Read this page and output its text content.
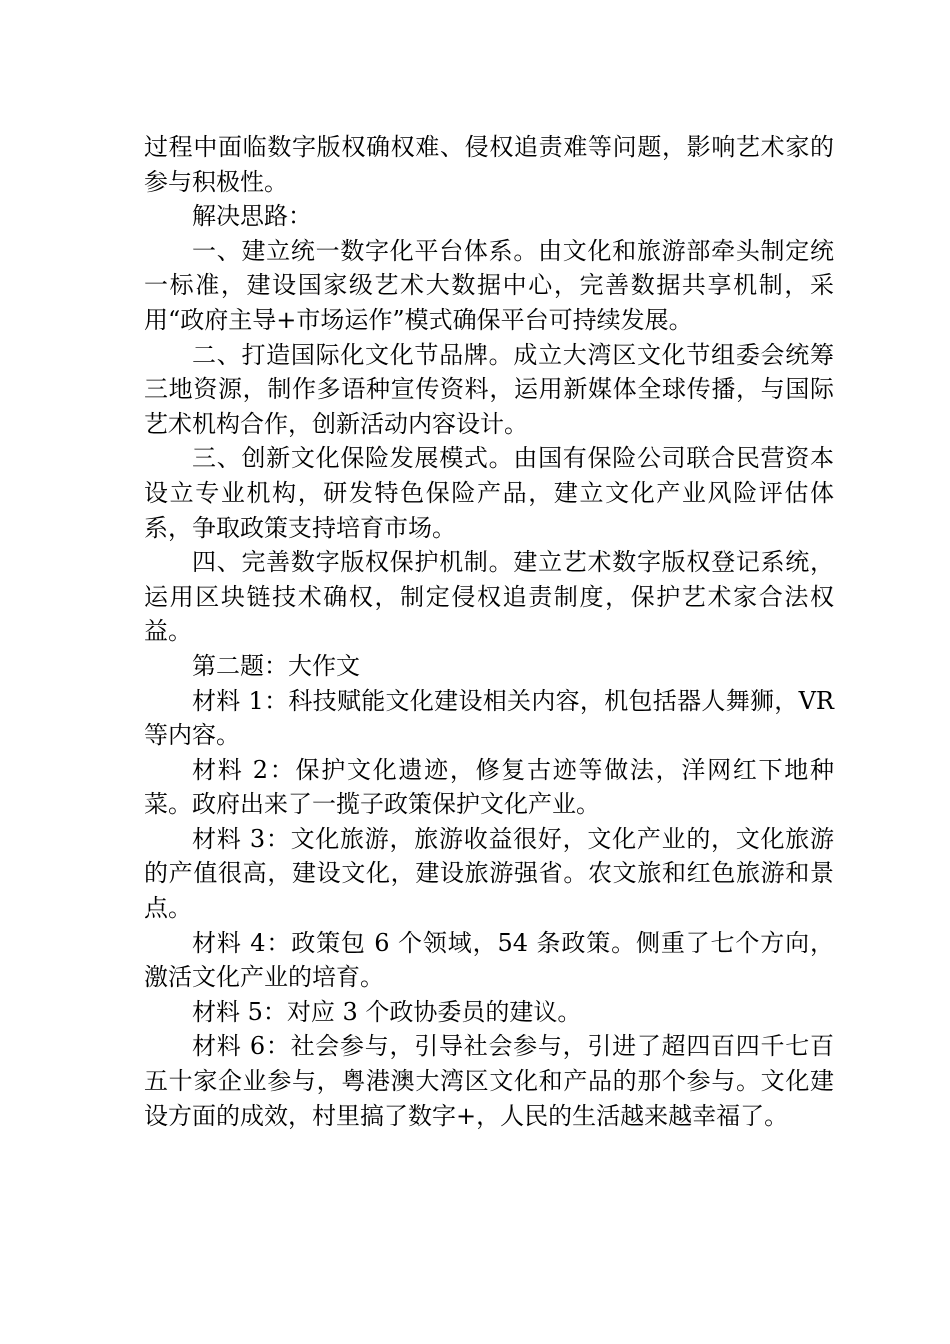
过程中面临数字版权确权难、侵权追责难等问题，影响艺术家的参与积极性。

解决思路：

一、建立统一数字化平台体系。由文化和旅游部牵头制定统一标准，建设国家级艺术大数据中心，完善数据共享机制，采用“政府主导+市场运作”模式确保平台可持续发展。

二、打造国际化文化节品牌。成立大湾区文化节组委会统筹三地资源，制作多语种宣传资料，运用新媒体全球传播，与国际艺术机构合作，创新活动内容设计。

三、创新文化保险发展模式。由国有保险公司联合民营资本设立专业机构，研发特色保险产品，建立文化产业风险评估体系，争取政策支持培育市场。

四、完善数字版权保护机制。建立艺术数字版权登记系统，运用区块链技术确权，制定侵权追责制度，保护艺术家合法权益。

第二题：大作文

材料 1：科技赋能文化建设相关内容，机包括器人舞狮，VR 等内容。

材料 2：保护文化遗迹，修复古迹等做法，洋网红下地种菜。政府出来了一揽子政策保护文化产业。

材料 3：文化旅游，旅游收益很好，文化产业的，文化旅游的产值很高，建设文化，建设旅游强省。农文旅和红色旅游和景点。

材料 4：政策包 6 个领域，54 条政策。侧重了七个方向，激活文化产业的培育。

材料 5：对应 3 个政协委员的建议。

材料 6：社会参与，引导社会参与，引进了超四百四千七百五十家企业参与，粤港澳大湾区文化和产品的那个参与。文化建设方面的成效，村里搞了数字+，人民的生活越来越幸福了。
